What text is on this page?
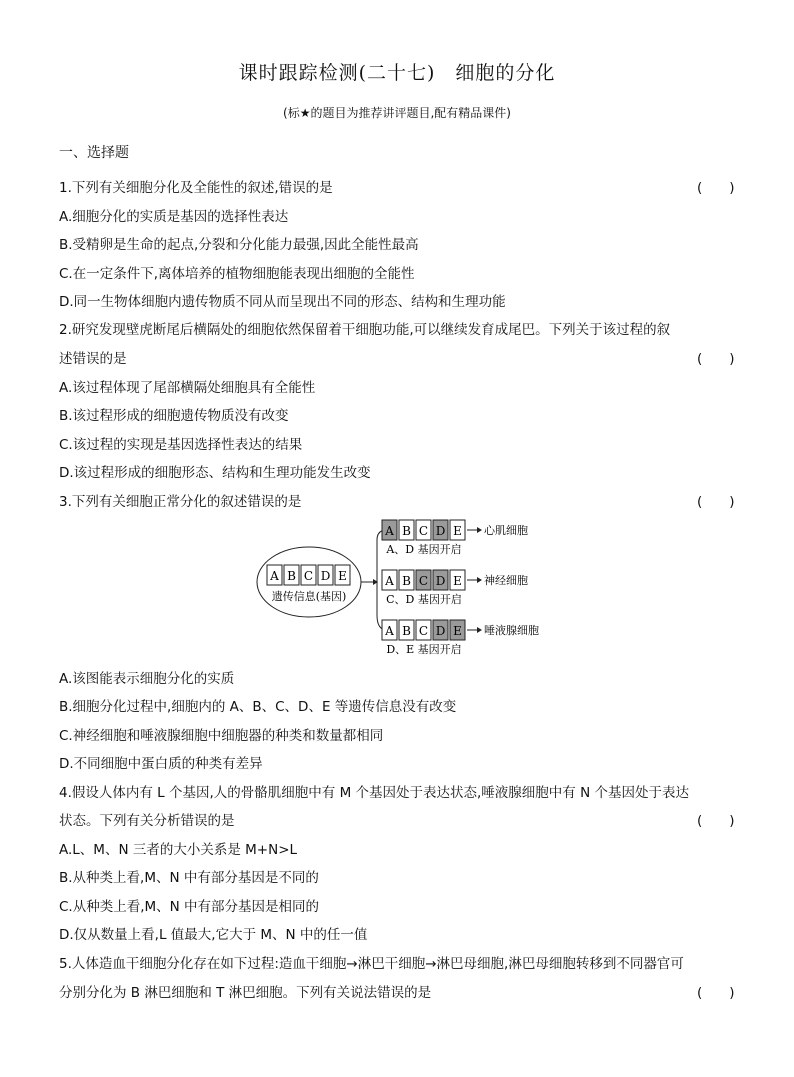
课时跟踪检测(二十七)　细胞的分化
(标★的题目为推荐讲评题目,配有精品课件)
一、选择题
1.下列有关细胞分化及全能性的叙述,错误的是	(　　)
A.细胞分化的实质是基因的选择性表达
B.受精卵是生命的起点,分裂和分化能力最强,因此全能性最高
C.在一定条件下,离体培养的植物细胞能表现出细胞的全能性
D.同一生物体细胞内遗传物质不同从而呈现出不同的形态、结构和生理功能
2.研究发现壁虎断尾后横隔处的细胞依然保留着干细胞功能,可以继续发育成尾巴。下列关于该过程的叙
述错误的是	(　　)
A.该过程体现了尾部横隔处细胞具有全能性
B.该过程形成的细胞遗传物质没有改变
C.该过程的实现是基因选择性表达的结果
D.该过程形成的细胞形态、结构和生理功能发生改变
3.下列有关细胞正常分化的叙述错误的是	(　　)
A B C D E
遗传信息(基因)
A B C D E 心肌细胞
A、D 基因开启
A B C D E 神经细胞
C、D 基因开启
A B C D E 唾液腺细胞
D、E 基因开启
A.该图能表示细胞分化的实质
B.细胞分化过程中,细胞内的 A、B、C、D、E 等遗传信息没有改变
C.神经细胞和唾液腺细胞中细胞器的种类和数量都相同
D.不同细胞中蛋白质的种类有差异
4.假设人体内有 L 个基因,人的骨骼肌细胞中有 M 个基因处于表达状态,唾液腺细胞中有 N 个基因处于表达
状态。下列有关分析错误的是	(　　)
A.L、M、N 三者的大小关系是 M+N>L
B.从种类上看,M、N 中有部分基因是不同的
C.从种类上看,M、N 中有部分基因是相同的
D.仅从数量上看,L 值最大,它大于 M、N 中的任一值
5.人体造血干细胞分化存在如下过程:造血干细胞→淋巴干细胞→淋巴母细胞,淋巴母细胞转移到不同器官可
分别分化为 B 淋巴细胞和 T 淋巴细胞。下列有关说法错误的是	(　　)
